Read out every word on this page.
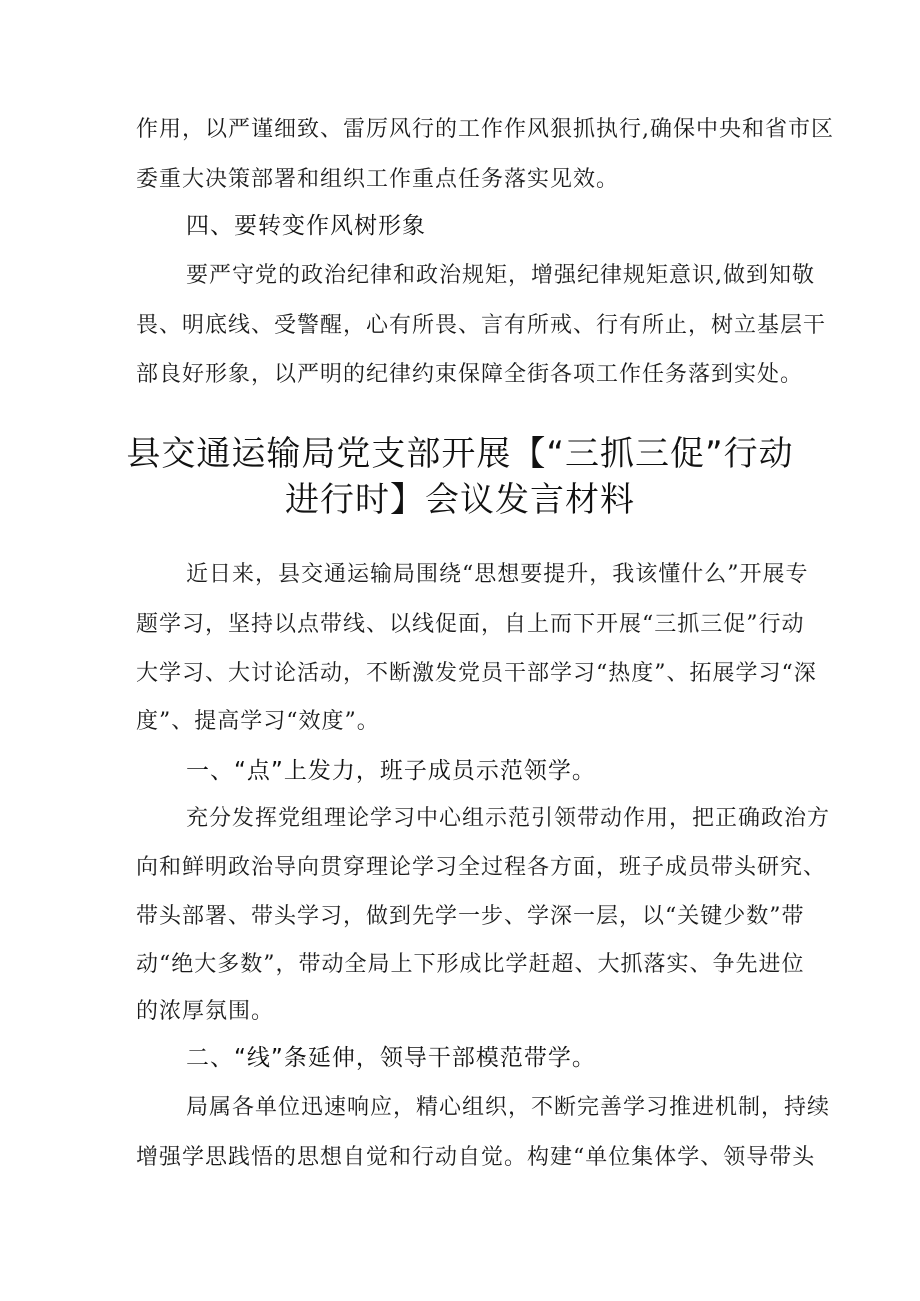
作用，以严谨细致、雷厉风行的工作作风狠抓执行,确保中央和省市区
委重大决策部署和组织工作重点任务落实见效。
四、要转变作风树形象
要严守党的政治纪律和政治规矩，增强纪律规矩意识,做到知敬
畏、明底线、受警醒，心有所畏、言有所戒、行有所止，树立基层干
部良好形象，以严明的纪律约束保障全街各项工作任务落到实处。
县交通运输局党支部开展【“三抓三促”行动
进行时】会议发言材料
近日来，县交通运输局围绕“思想要提升，我该懂什么”开展专
题学习，坚持以点带线、以线促面，自上而下开展“三抓三促”行动
大学习、大讨论活动，不断激发党员干部学习“热度”、拓展学习“深
度”、提高学习“效度”。
一、“点”上发力，班子成员示范领学。
充分发挥党组理论学习中心组示范引领带动作用，把正确政治方
向和鲜明政治导向贯穿理论学习全过程各方面，班子成员带头研究、
带头部署、带头学习，做到先学一步、学深一层，以“关键少数”带
动“绝大多数”，带动全局上下形成比学赶超、大抓落实、争先进位
的浓厚氛围。
二、“线”条延伸，领导干部模范带学。
局属各单位迅速响应，精心组织，不断完善学习推进机制，持续
增强学思践悟的思想自觉和行动自觉。构建“单位集体学、领导带头
